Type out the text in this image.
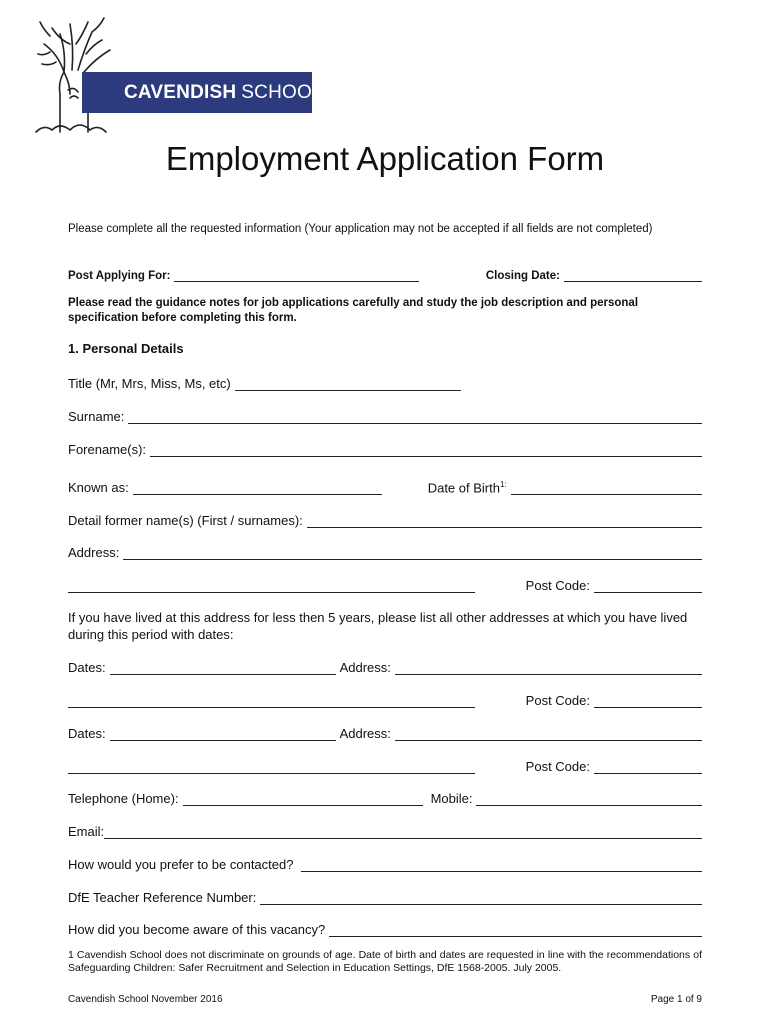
CAVENDISH SCHOOL
Employment Application Form
Please complete all the requested information (Your application may not be accepted if all fields are not completed)
Post Applying For:	Closing Date:
Please read the guidance notes for job applications carefully and study the job description and personal specification before completing this form.
1. Personal Details
Title (Mr, Mrs, Miss, Ms, etc)
Surname:
Forename(s):
Known as:	Date of Birth$^{1:}$
Detail former name(s) (First / surnames):
Address:
Post Code:
If you have lived at this address for less then 5 years, please list all other addresses at which you have lived during this period with dates:
Dates:	Address:
Post Code:
Dates:	Address:
Post Code:
Telephone (Home):	Mobile:
Email:
How would you prefer to be contacted?
DfE Teacher Reference Number:
How did you become aware of this vacancy?
1 Cavendish School does not discriminate on grounds of age. Date of birth and dates are requested in line with the recommendations of Safeguarding Children: Safer Recruitment and Selection in Education Settings, DfE 1568-2005. July 2005.
Cavendish School November 2016	Page 1 of 9
